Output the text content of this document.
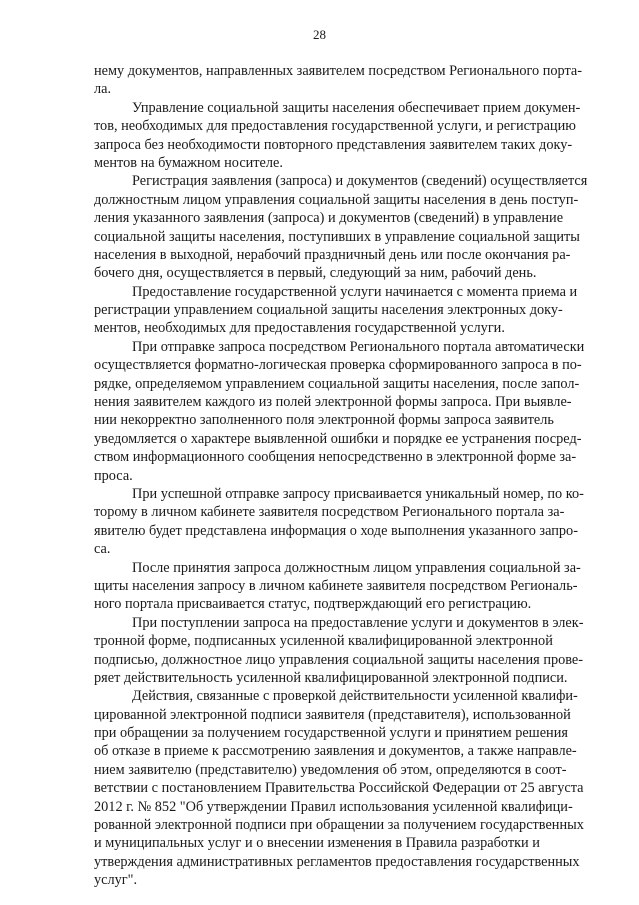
28
нему документов, направленных заявителем посредством Регионального порта-
ла.
Управление социальной защиты населения обеспечивает прием докумен-
тов, необходимых для предоставления государственной услуги, и регистрацию
запроса без необходимости повторного представления заявителем таких доку-
ментов на бумажном носителе.
Регистрация заявления (запроса) и документов (сведений) осуществляется
должностным лицом управления социальной защиты населения в день поступ-
ления указанного заявления (запроса) и документов (сведений) в управление
социальной защиты населения, поступивших в управление социальной защиты
населения в выходной, нерабочий праздничный день или после окончания ра-
бочего дня, осуществляется в первый, следующий за ним, рабочий день.
Предоставление государственной услуги начинается с момента приема и
регистрации управлением социальной защиты населения электронных доку-
ментов, необходимых для предоставления государственной услуги.
При отправке запроса посредством Регионального портала автоматически
осуществляется форматно-логическая проверка сформированного запроса в по-
рядке, определяемом управлением социальной защиты населения, после запол-
нения заявителем каждого из полей электронной формы запроса. При выявле-
нии некорректно заполненного поля электронной формы запроса заявитель
уведомляется о характере выявленной ошибки и порядке ее устранения посред-
ством информационного сообщения непосредственно в электронной форме за-
проса.
При успешной отправке запросу присваивается уникальный номер, по ко-
торому в личном кабинете заявителя посредством Регионального портала за-
явителю будет представлена информация о ходе выполнения указанного запро-
са.
После принятия запроса должностным лицом управления социальной за-
щиты населения запросу в личном кабинете заявителя посредством Региональ-
ного портала присваивается статус, подтверждающий его регистрацию.
При поступлении запроса на предоставление услуги и документов в элек-
тронной форме, подписанных усиленной квалифицированной электронной
подписью, должностное лицо управления социальной защиты населения прове-
ряет действительность усиленной квалифицированной электронной подписи.
Действия, связанные с проверкой действительности усиленной квалифи-
цированной электронной подписи заявителя (представителя), использованной
при обращении за получением государственной услуги и принятием решения
об отказе в приеме к рассмотрению заявления и документов, а также направле-
нием заявителю (представителю) уведомления об этом, определяются в соот-
ветствии с постановлением Правительства Российской Федерации от 25 августа
2012 г. № 852 "Об утверждении Правил использования усиленной квалифици-
рованной электронной подписи при обращении за получением государственных
и муниципальных услуг и о внесении изменения в Правила разработки и
утверждения административных регламентов предоставления государственных
услуг".
